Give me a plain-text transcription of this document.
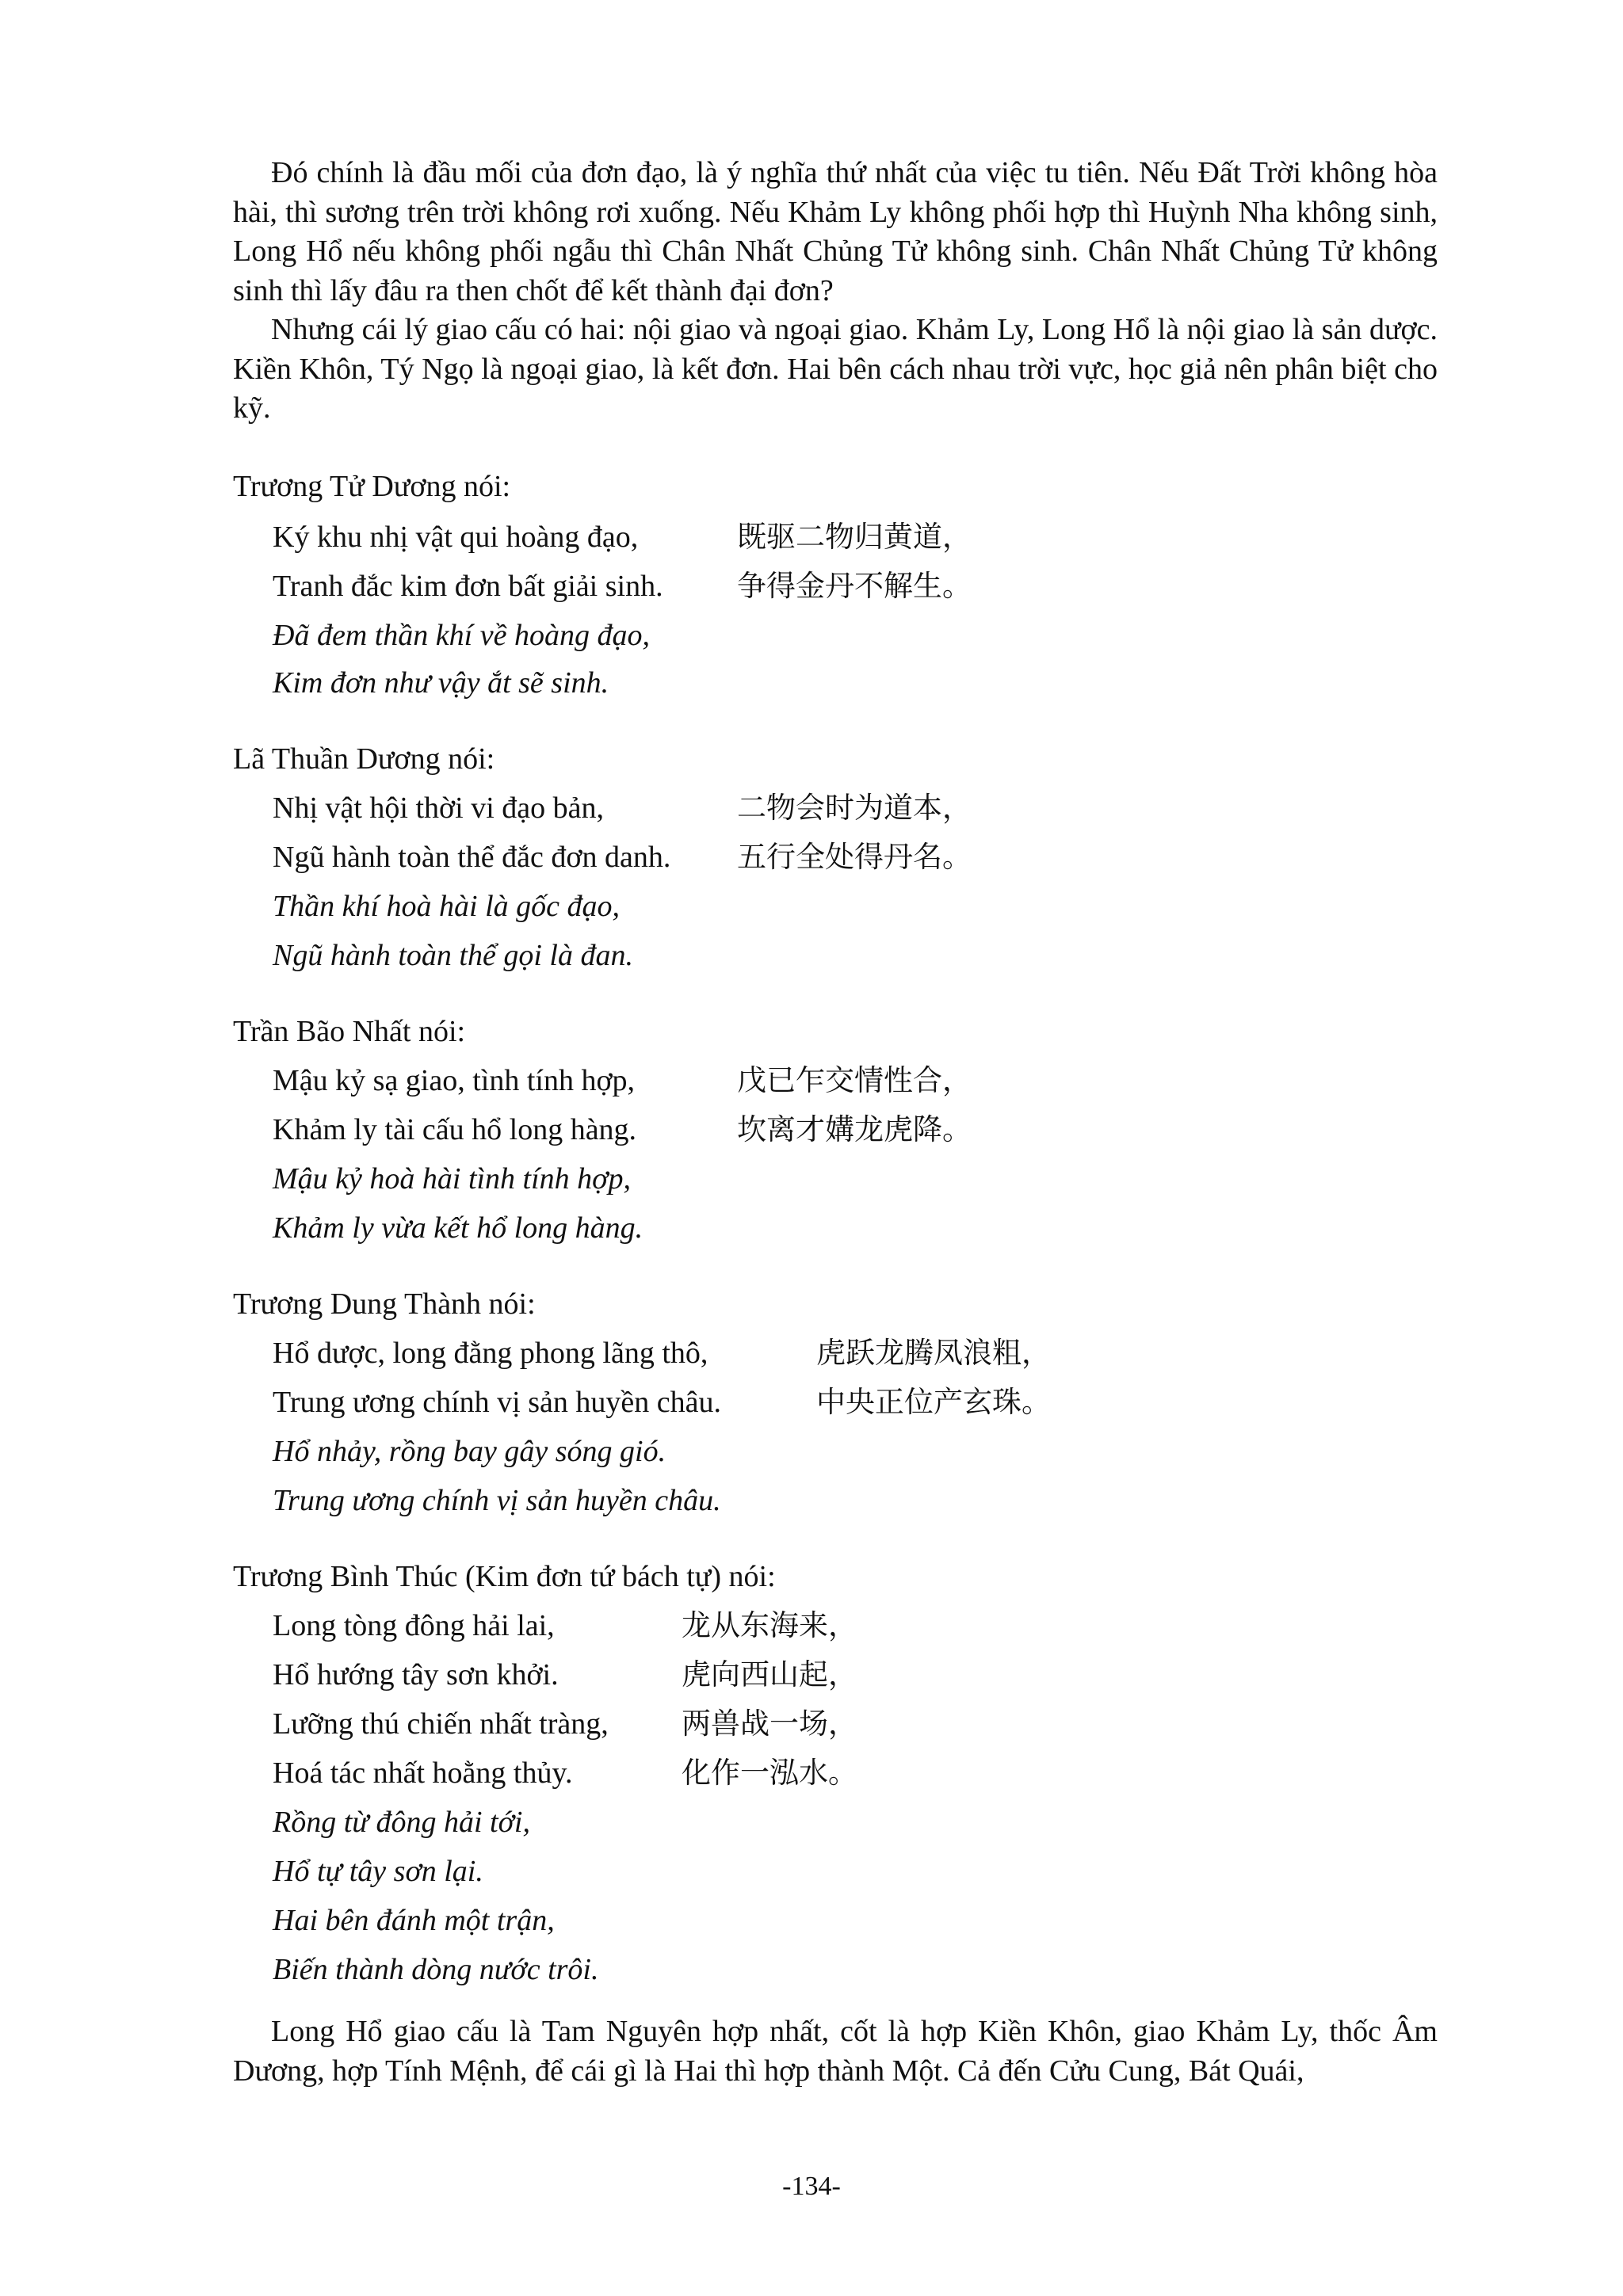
Đó chính là đầu mối của đơn đạo, là ý nghĩa thứ nhất của việc tu tiên. Nếu Đất Trời không hòa hài, thì sương trên trời không rơi xuống. Nếu Khảm Ly không phối hợp thì Huỳnh Nha không sinh, Long Hổ nếu không phối ngẫu thì Chân Nhất Chủng Tử không sinh. Chân Nhất Chủng Tử không sinh thì lấy đâu ra then chốt để kết thành đại đơn?

Nhưng cái lý giao cấu có hai: nội giao và ngoại giao. Khảm Ly, Long Hổ là nội giao là sản dược. Kiền Khôn, Tý Ngọ là ngoại giao, là kết đơn. Hai bên cách nhau trời vực, học giả nên phân biệt cho kỹ.

Trương Tử Dương nói:
Ký khu nhị vật qui hoàng đạo,	既驱二物归黄道，
Tranh đắc kim đơn bất giải sinh.	争得金丹不解生。
Đã đem thần khí về hoàng đạo,
Kim đơn như vậy ắt sẽ sinh.
Lã Thuần Dương nói:
Nhị vật hội thời vi đạo bản,	二物会时为道本，
Ngũ hành toàn thể đắc đơn danh. 五行全处得丹名。
Thần khí hoà hài là gốc đạo,
Ngũ hành toàn thể gọi là đan.
Trần Bão Nhất nói:
Mậu kỷ sạ giao, tình tính hợp,	戊已乍交情性合，
Khảm ly tài cấu hổ long hàng.	坎离才媾龙虎降。
Mậu kỷ hoà hài tình tính hợp,
Khảm ly vừa kết hổ long hàng.
Trương Dung Thành nói:
Hổ dược, long đằng phong lãng thô,	虎跃龙腾凤浪粗，
Trung ương chính vị sản huyền châu.	中央正位产玄珠。
Hổ nhảy, rồng bay gây sóng gió.
Trung ương chính vị sản huyền châu.
Trương Bình Thúc (Kim đơn tứ bách tự) nói:
Long tòng đông hải lai,	龙从东海来，
Hổ hướng tây sơn khởi.	虎向西山起，
Lưỡng thú chiến nhất tràng, 两兽战一场，
Hoá tác nhất hoằng thủy.	化作一泓水。
Rồng từ đông hải tới,
Hổ tự tây sơn lại.
Hai bên đánh một trận,
Biến thành dòng nước trôi.

Long Hổ giao cấu là Tam Nguyên hợp nhất, cốt là hợp Kiền Khôn, giao Khảm Ly, thốc Âm Dương, hợp Tính Mệnh, để cái gì là Hai thì hợp thành Một. Cả đến Cửu Cung, Bát Quái,

-134-
